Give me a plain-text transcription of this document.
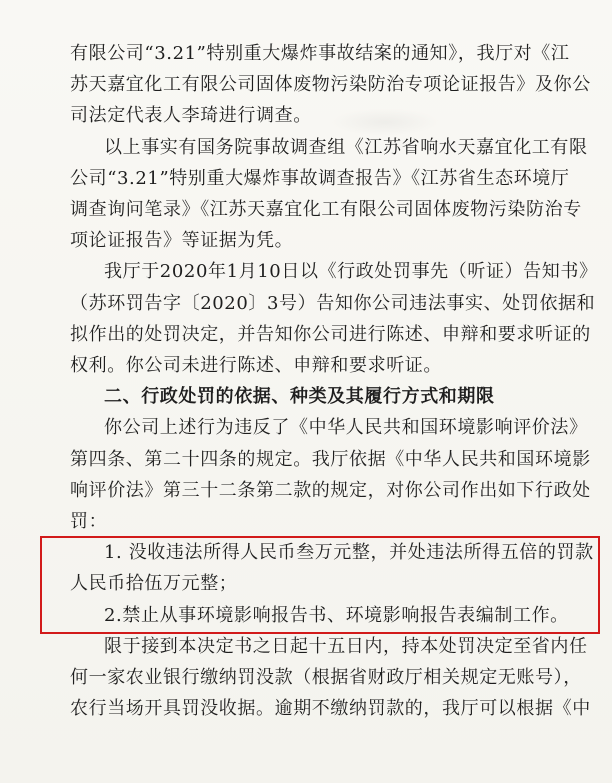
有限公司“3.21”特别重大爆炸事故结案的通知》，我厅对《江
苏天嘉宜化工有限公司固体废物污染防治专项论证报告》及你公
司法定代表人李琦进行调查。
以上事实有国务院事故调查组《江苏省响水天嘉宜化工有限
公司“3.21”特别重大爆炸事故调查报告》《江苏省生态环境厅
调查询问笔录》《江苏天嘉宜化工有限公司固体废物污染防治专
项论证报告》等证据为凭。
我厅于2020年1月10日以《行政处罚事先（听证）告知书》
（苏环罚告字〔2020〕3号）告知你公司违法事实、处罚依据和
拟作出的处罚决定，并告知你公司进行陈述、申辩和要求听证的
权利。你公司未进行陈述、申辩和要求听证。
二、行政处罚的依据、种类及其履行方式和期限
你公司上述行为违反了《中华人民共和国环境影响评价法》
第四条、第二十四条的规定。我厅依据《中华人民共和国环境影
响评价法》第三十二条第二款的规定，对你公司作出如下行政处
罚：
1. 没收违法所得人民币叁万元整，并处违法所得五倍的罚款
人民币拾伍万元整；
2.禁止从事环境影响报告书、环境影响报告表编制工作。
限于接到本决定书之日起十五日内，持本处罚决定至省内任
何一家农业银行缴纳罚没款（根据省财政厅相关规定无账号），
农行当场开具罚没收据。逾期不缴纳罚款的，我厅可以根据《中
